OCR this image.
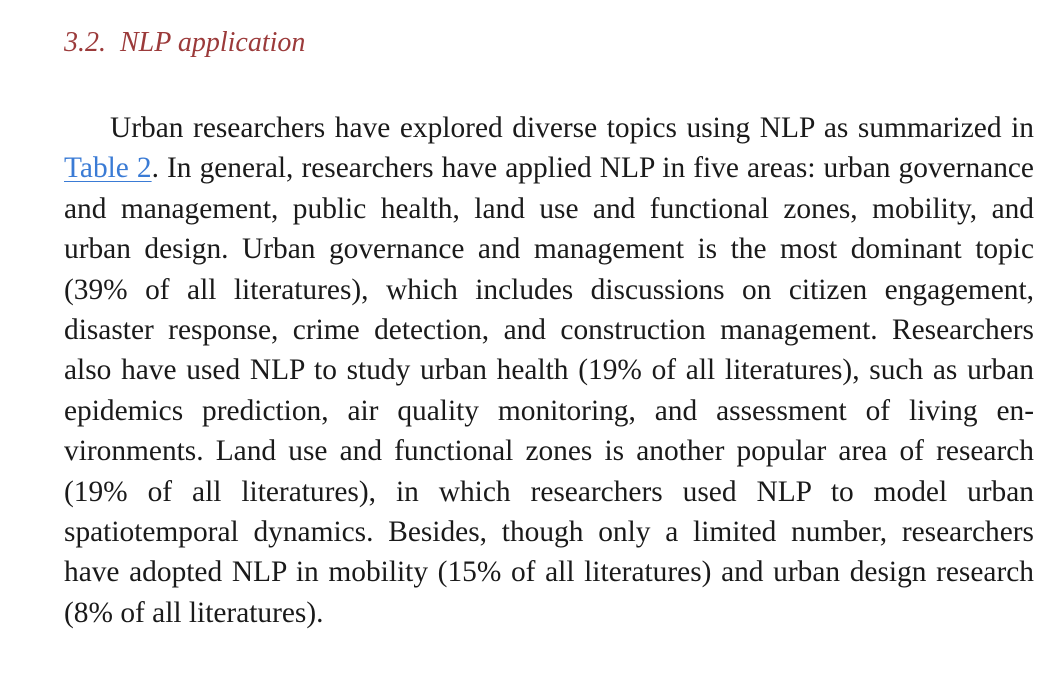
3.2. NLP application

Urban researchers have explored diverse topics using NLP as summarized in Table 2. In general, researchers have applied NLP in five areas: urban governance and management, public health, land use and functional zones, mobility, and urban design. Urban governance and management is the most dominant topic (39% of all literatures), which includes discussions on citizen engagement, disaster response, crime detection, and construction management. Researchers also have used NLP to study urban health (19% of all literatures), such as urban epidemics prediction, air quality monitoring, and assessment of living environments. Land use and functional zones is another popular area of research (19% of all literatures), in which researchers used NLP to model urban spatiotemporal dynamics. Besides, though only a limited number, researchers have adopted NLP in mobility (15% of all literatures) and urban design research (8% of all literatures).
